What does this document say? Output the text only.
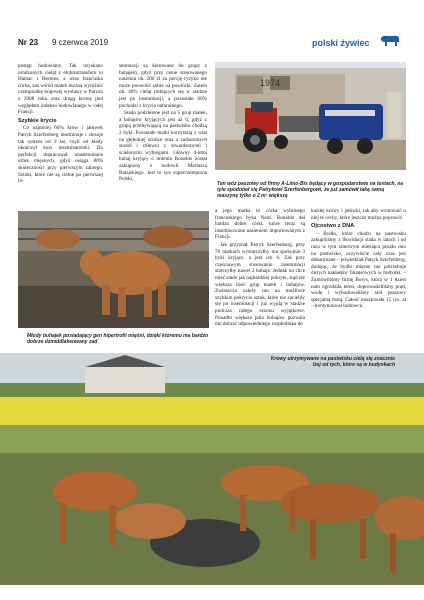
Nr 23 9 czerwca 2019	polski żywiec

postęp hodowlany. Tak uzyskano urodzonych cieląt z embriotransferu to Hamac i Hermes, a wisz francuska córka, zaś wśród matek można wyróżnić czempiońkę krajowej wystawy w Paryżu z 2008 roku oraz drugą krowę pod względem indeksu hodowlanego w całej Francji.

Szybkie krycie

Co najmniej 60% krów i jałówek Patryk Szerfenberg inseminuje i stosuje tak system od 3 lat, czyli od kiedy ukończył kurs inseminatorski. Do perfekcji dopracował unasiennianie sztuk mięsnych, gdyż osiąga 80% skuteczności przy pierwszym zabiegu. Sztuki, które nie są cielne po pierwszej in-

seminacji są kierowane do grupy z buhajem, gdyż przy cenie stosowanego nasienia ok. 200 zł za porcję ryzyko nie może pozwolić sobie na powtórki. Zatem ok. 40% cieląt rodzących się w stadzie jest po inseminacji, a pozostałe 60% pochodzi z krycia naturalnego.

Stado podzielone jest na 5 grup matek, a buhajów kryjących jest aż 6, gdyż z grupą przebywającą na pastwisku chodzą 2 byki. Pozostałe matki korzystają z wiat na głębokiej ściółce oraz z zadaszonych stodół i chlewni z utwardzonymi i ścielonymi wybiegami. Główny 4-letni buhaj kryjący o imieniu Ronaldo został zakupiony z hodowli Mariusza Ratajskiego. Jest to syn superczempiona Polski,

1974
Ten wóz paszowy od firmy A-Limo-Bis będący w gospodarstwie na testach, na tyle spodobał się Patrykowi Szerfenbergowi, że już zamówił taką samą maszynę tylko o 2 m³ większą
Młody buhajek posiadający gen hipertrofii mięśni, dzięki któremu ma bardzo dobrze dzmiddlakeowany zad

a jego matka to córka wybitnego francuskiego byka Neuf. Ronaldo dał bardzo dobre córki, które teraz są inseminowane nasieniem importowanym z Francji.

Jak przyznał Patryk Szerfenberg, przy 70 matkach wystarczyłby mu spokojnie 3 byki kryjące, a jest ich 6. Zaś przy częściowym stosowaniu inseminacji starczyłby nawet 2 buhaje. Jednak on chce mieć stado jak najbardziej pokryte, stąd też większa ilość grup matek i buhajów. Zwłaszcza zależy mu na możliwie szybkim pokryciu sztuk, które nie zacieliły się po inseminacji i już wyjdą w stadzie podczas całego sezonu wyjątkowe. Ponadto większa pula buhajów pozwala mu dobrać odpowiedniego rozpłodnika do

każdej krowy i jałówki, tak aby wzmocnić u niej te cechy, które jeszcze można poprawić.

Ojcostwo z DNA

– Bydło, które chodzi na pastwisku zakupiliśmy z likwidacji stada w latach i od razu w tym zimowym miesiącu poszło ono na pastwisko, oczywiście cały czas jest dokarmiane – powiedział Patryk Szerfenberg, dodając, że bydło mięsne nie potrzebuje dużych nakładów finansowych w budynki. – Zamówiliśmy firmę Borys, która w 1 dzień nam ogrodziła teren, doprowadziliśmy prąd, wodę i wybudowaliśmy stół paszowy specjalną matą. Całość kosztowała 15 tys. zł – kontynuował hodowca.

Krowy utrzymywane na pastwisku cielą się znacznie lżej od tych, które są w budynkach
